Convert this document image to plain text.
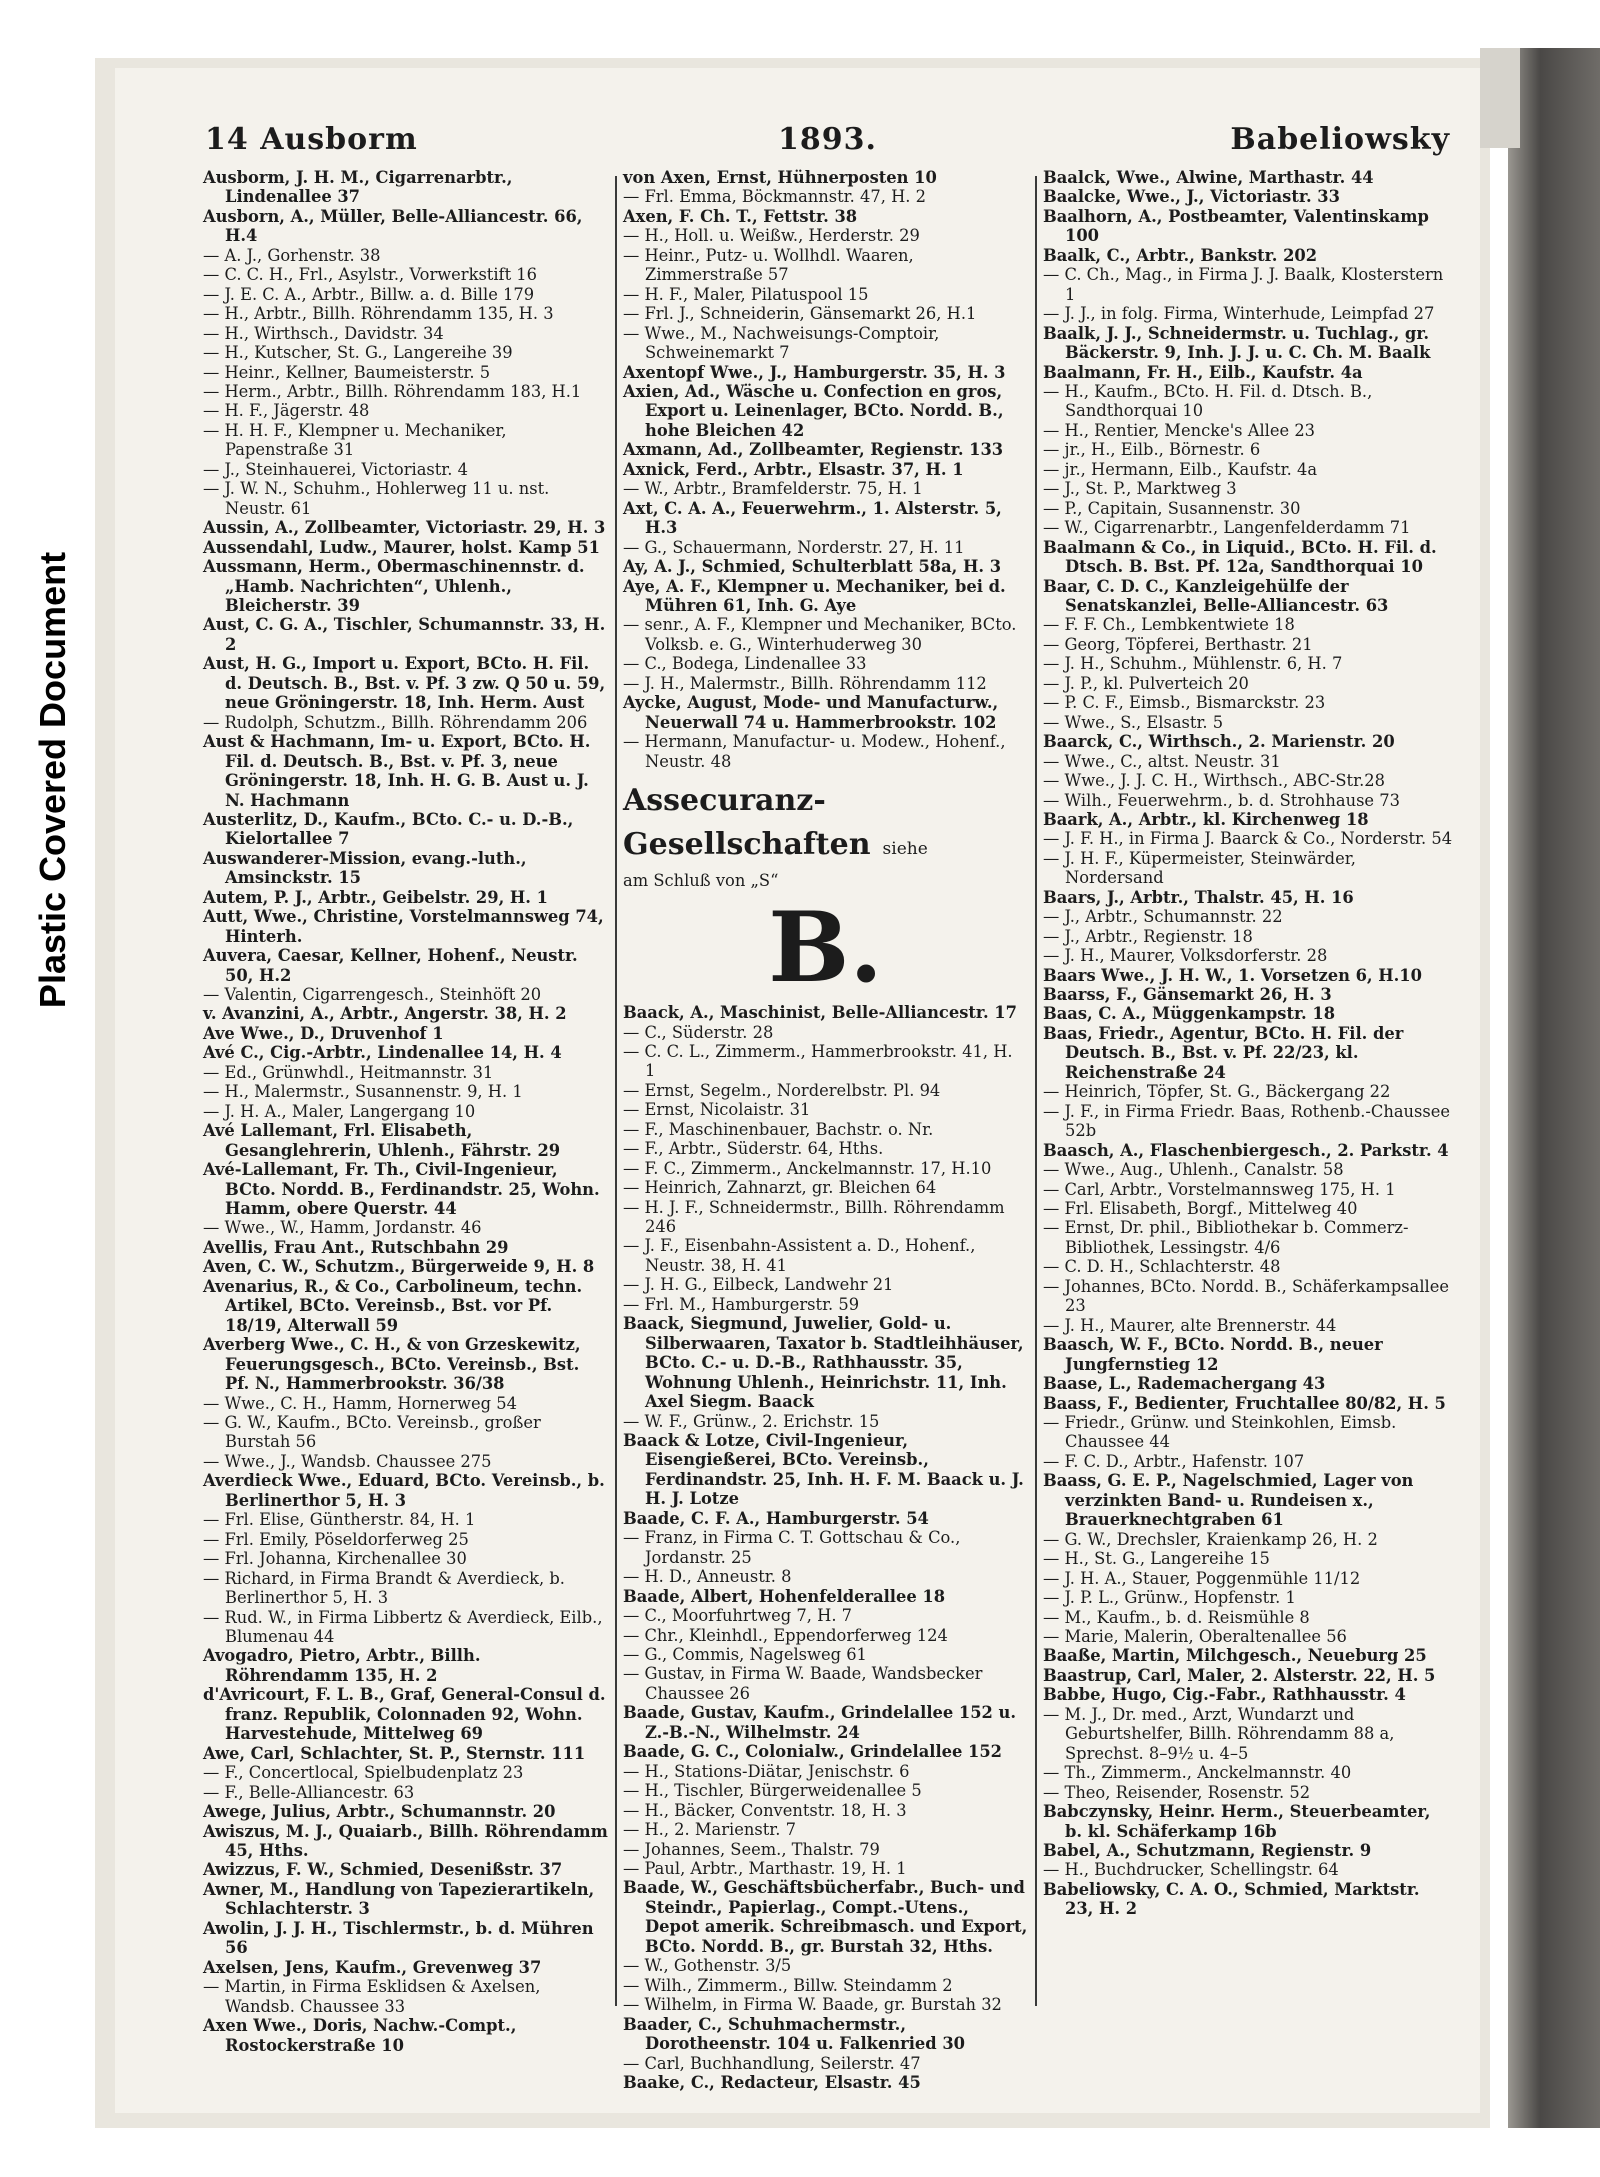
Plastic Covered Document
14 Ausborm	1893.	Babeliowsky
Ausborm, J. H. M., Cigarrenarbtr., Lindenallee 37
Ausborn, A., Müller, Belle-Alliancestr. 66, H.4
— A. J., Gorhenstr. 38
— C. C. H., Frl., Asylstr., Vorwerkstift 16
— J. E. C. A., Arbtr., Billw. a. d. Bille 179
— H., Arbtr., Billh. Röhrendamm 135, H. 3
— H., Wirthsch., Davidstr. 34
— H., Kutscher, St. G., Langereihe 39
— Heinr., Kellner, Baumeisterstr. 5
— Herm., Arbtr., Billh. Röhrendamm 183, H.1
— H. F., Jägerstr. 48
— H. H. F., Klempner u. Mechaniker, Papenstraße 31
— J., Steinhauerei, Victoriastr. 4
— J. W. N., Schuhm., Hohlerweg 11 u. nst. Neustr. 61
Aussin, A., Zollbeamter, Victoriastr. 29, H. 3
Aussendahl, Ludw., Maurer, holst. Kamp 51
Aussmann, Herm., Obermaschinennstr. d. „Hamb. Nachrichten“, Uhlenh., Bleicherstr. 39
Aust, C. G. A., Tischler, Schumannstr. 33, H. 2
Aust, H. G., Import u. Export, BCto. H. Fil. d. Deutsch. B., Bst. v. Pf. 3 zw. Q 50 u. 59, neue Gröningerstr. 18, Inh. Herm. Aust
— Rudolph, Schutzm., Billh. Röhrendamm 206
Aust & Hachmann, Im- u. Export, BCto. H. Fil. d. Deutsch. B., Bst. v. Pf. 3, neue Gröningerstr. 18, Inh. H. G. B. Aust u. J. N. Hachmann
Austerlitz, D., Kaufm., BCto. C.- u. D.-B., Kielortallee 7
Auswanderer-Mission, evang.-luth., Amsinckstr. 15
Autem, P. J., Arbtr., Geibelstr. 29, H. 1
Autt, Wwe., Christine, Vorstelmannsweg 74, Hinterh.
Auvera, Caesar, Kellner, Hohenf., Neustr. 50, H.2
— Valentin, Cigarrengesch., Steinhöft 20
v. Avanzini, A., Arbtr., Angerstr. 38, H. 2
Ave Wwe., D., Druvenhof 1
Avé C., Cig.-Arbtr., Lindenallee 14, H. 4
— Ed., Grünwhdl., Heitmannstr. 31
— H., Malermstr., Susannenstr. 9, H. 1
— J. H. A., Maler, Langergang 10
Avé Lallemant, Frl. Elisabeth, Gesanglehrerin, Uhlenh., Fährstr. 29
Avé-Lallemant, Fr. Th., Civil-Ingenieur, BCto. Nordd. B., Ferdinandstr. 25, Wohn. Hamm, obere Querstr. 44
— Wwe., W., Hamm, Jordanstr. 46
Avellis, Frau Ant., Rutschbahn 29
Aven, C. W., Schutzm., Bürgerweide 9, H. 8
Avenarius, R., & Co., Carbolineum, techn. Artikel, BCto. Vereinsb., Bst. vor Pf. 18/19, Alterwall 59
Averberg Wwe., C. H., & von Grzeskewitz, Feuerungsgesch., BCto. Vereinsb., Bst. Pf. N., Hammerbrookstr. 36/38
— Wwe., C. H., Hamm, Hornerweg 54
— G. W., Kaufm., BCto. Vereinsb., großer Burstah 56
— Wwe., J., Wandsb. Chaussee 275
Averdieck Wwe., Eduard, BCto. Vereinsb., b. Berlinerthor 5, H. 3
— Frl. Elise, Güntherstr. 84, H. 1
— Frl. Emily, Pöseldorferweg 25
— Frl. Johanna, Kirchenallee 30
— Richard, in Firma Brandt & Averdieck, b. Berlinerthor 5, H. 3
— Rud. W., in Firma Libbertz & Averdieck, Eilb., Blumenau 44
Avogadro, Pietro, Arbtr., Billh. Röhrendamm 135, H. 2
d'Avricourt, F. L. B., Graf, General-Consul d. franz. Republik, Colonnaden 92, Wohn. Harvestehude, Mittelweg 69
Awe, Carl, Schlachter, St. P., Sternstr. 111
— F., Concertlocal, Spielbudenplatz 23
— F., Belle-Alliancestr. 63
Awege, Julius, Arbtr., Schumannstr. 20
Awiszus, M. J., Quaiarb., Billh. Röhrendamm 45, Hths.
Awizzus, F. W., Schmied, Desenißstr. 37
Awner, M., Handlung von Tapezierartikeln, Schlachterstr. 3
Awolin, J. J. H., Tischlermstr., b. d. Mühren 56
Axelsen, Jens, Kaufm., Grevenweg 37
— Martin, in Firma Esklidsen & Axelsen, Wandsb. Chaussee 33
Axen Wwe., Doris, Nachw.-Compt., Rostockerstraße 10
von Axen, Ernst, Hühnerposten 10
— Frl. Emma, Böckmannstr. 47, H. 2
Axen, F. Ch. T., Fettstr. 38
— H., Holl. u. Weißw., Herderstr. 29
— Heinr., Putz- u. Wollhdl. Waaren, Zimmerstraße 57
— H. F., Maler, Pilatuspool 15
— Frl. J., Schneiderin, Gänsemarkt 26, H.1
— Wwe., M., Nachweisungs-Comptoir, Schweinemarkt 7
Axentopf Wwe., J., Hamburgerstr. 35, H. 3
Axien, Ad., Wäsche u. Confection en gros, Export u. Leinenlager, BCto. Nordd. B., hohe Bleichen 42
Axmann, Ad., Zollbeamter, Regienstr. 133
Axnick, Ferd., Arbtr., Elsastr. 37, H. 1
— W., Arbtr., Bramfelderstr. 75, H. 1
Axt, C. A. A., Feuerwehrm., 1. Alsterstr. 5, H.3
— G., Schauermann, Norderstr. 27, H. 11
Ay, A. J., Schmied, Schulterblatt 58a, H. 3
Aye, A. F., Klempner u. Mechaniker, bei d. Mühren 61, Inh. G. Aye
— senr., A. F., Klempner und Mechaniker, BCto. Volksb. e. G., Winterhuderweg 30
— C., Bodega, Lindenallee 33
— J. H., Malermstr., Billh. Röhrendamm 112
Aycke, August, Mode- und Manufacturw., Neuerwall 74 u. Hammerbrookstr. 102
— Hermann, Manufactur- u. Modew., Hohenf., Neustr. 48
Assecuranz-Gesellschaften siehe
am Schluß von „S“
B.
Baack, A., Maschinist, Belle-Alliancestr. 17
— C., Süderstr. 28
— C. C. L., Zimmerm., Hammerbrookstr. 41, H. 1
— Ernst, Segelm., Norderelbstr. Pl. 94
— Ernst, Nicolaistr. 31
— F., Maschinenbauer, Bachstr. o. Nr.
— F., Arbtr., Süderstr. 64, Hths.
— F. C., Zimmerm., Anckelmannstr. 17, H.10
— Heinrich, Zahnarzt, gr. Bleichen 64
— H. J. F., Schneidermstr., Billh. Röhrendamm 246
— J. F., Eisenbahn-Assistent a. D., Hohenf., Neustr. 38, H. 41
— J. H. G., Eilbeck, Landwehr 21
— Frl. M., Hamburgerstr. 59
Baack, Siegmund, Juwelier, Gold- u. Silberwaaren, Taxator b. Stadtleihhäuser, BCto. C.- u. D.-B., Rathhausstr. 35, Wohnung Uhlenh., Heinrichstr. 11, Inh. Axel Siegm. Baack
— W. F., Grünw., 2. Erichstr. 15
Baack & Lotze, Civil-Ingenieur, Eisengießerei, BCto. Vereinsb., Ferdinandstr. 25, Inh. H. F. M. Baack u. J. H. J. Lotze
Baade, C. F. A., Hamburgerstr. 54
— Franz, in Firma C. T. Gottschau & Co., Jordanstr. 25
— H. D., Anneustr. 8
Baade, Albert, Hohenfelderallee 18
— C., Moorfuhrtweg 7, H. 7
— Chr., Kleinhdl., Eppendorferweg 124
— G., Commis, Nagelsweg 61
— Gustav, in Firma W. Baade, Wandsbecker Chaussee 26
Baade, Gustav, Kaufm., Grindelallee 152 u. Z.-B.-N., Wilhelmstr. 24
Baade, G. C., Colonialw., Grindelallee 152
— H., Stations-Diätar, Jenischstr. 6
— H., Tischler, Bürgerweidenallee 5
— H., Bäcker, Conventstr. 18, H. 3
— H., 2. Marienstr. 7
— Johannes, Seem., Thalstr. 79
— Paul, Arbtr., Marthastr. 19, H. 1
Baade, W., Geschäftsbücherfabr., Buch- und Steindr., Papierlag., Compt.-Utens., Depot amerik. Schreibmasch. und Export, BCto. Nordd. B., gr. Burstah 32, Hths.
— W., Gothenstr. 3/5
— Wilh., Zimmerm., Billw. Steindamm 2
— Wilhelm, in Firma W. Baade, gr. Burstah 32
Baader, C., Schuhmachermstr., Dorotheenstr. 104 u. Falkenried 30
— Carl, Buchhandlung, Seilerstr. 47
Baake, C., Redacteur, Elsastr. 45
Baalck, Wwe., Alwine, Marthastr. 44
Baalcke, Wwe., J., Victoriastr. 33
Baalhorn, A., Postbeamter, Valentinskamp 100
Baalk, C., Arbtr., Bankstr. 202
— C. Ch., Mag., in Firma J. J. Baalk, Klosterstern 1
— J. J., in folg. Firma, Winterhude, Leimpfad 27
Baalk, J. J., Schneidermstr. u. Tuchlag., gr. Bäckerstr. 9, Inh. J. J. u. C. Ch. M. Baalk
Baalmann, Fr. H., Eilb., Kaufstr. 4a
— H., Kaufm., BCto. H. Fil. d. Dtsch. B., Sandthorquai 10
— H., Rentier, Mencke's Allee 23
— jr., H., Eilb., Börnestr. 6
— jr., Hermann, Eilb., Kaufstr. 4a
— J., St. P., Marktweg 3
— P., Capitain, Susannenstr. 30
— W., Cigarrenarbtr., Langenfelderdamm 71
Baalmann & Co., in Liquid., BCto. H. Fil. d. Dtsch. B. Bst. Pf. 12a, Sandthorquai 10
Baar, C. D. C., Kanzleigehülfe der Senatskanzlei, Belle-Alliancestr. 63
— F. F. Ch., Lembkentwiete 18
— Georg, Töpferei, Berthastr. 21
— J. H., Schuhm., Mühlenstr. 6, H. 7
— J. P., kl. Pulverteich 20
— P. C. F., Eimsb., Bismarckstr. 23
— Wwe., S., Elsastr. 5
Baarck, C., Wirthsch., 2. Marienstr. 20
— Wwe., C., altst. Neustr. 31
— Wwe., J. J. C. H., Wirthsch., ABC-Str.28
— Wilh., Feuerwehrm., b. d. Strohhause 73
Baark, A., Arbtr., kl. Kirchenweg 18
— J. F. H., in Firma J. Baarck & Co., Norderstr. 54
— J. H. F., Küpermeister, Steinwärder, Nordersand
Baars, J., Arbtr., Thalstr. 45, H. 16
— J., Arbtr., Schumannstr. 22
— J., Arbtr., Regienstr. 18
— J. H., Maurer, Volksdorferstr. 28
Baars Wwe., J. H. W., 1. Vorsetzen 6, H.10
Baarss, F., Gänsemarkt 26, H. 3
Baas, C. A., Müggenkampstr. 18
Baas, Friedr., Agentur, BCto. H. Fil. der Deutsch. B., Bst. v. Pf. 22/23, kl. Reichenstraße 24
— Heinrich, Töpfer, St. G., Bäckergang 22
— J. F., in Firma Friedr. Baas, Rothenb.-Chaussee 52b
Baasch, A., Flaschenbiergesch., 2. Parkstr. 4
— Wwe., Aug., Uhlenh., Canalstr. 58
— Carl, Arbtr., Vorstelmannsweg 175, H. 1
— Frl. Elisabeth, Borgf., Mittelweg 40
— Ernst, Dr. phil., Bibliothekar b. Commerz-Bibliothek, Lessingstr. 4/6
— C. D. H., Schlachterstr. 48
— Johannes, BCto. Nordd. B., Schäferkampsallee 23
— J. H., Maurer, alte Brennerstr. 44
Baasch, W. F., BCto. Nordd. B., neuer Jungfernstieg 12
Baase, L., Rademachergang 43
Baass, F., Bedienter, Fruchtallee 80/82, H. 5
— Friedr., Grünw. und Steinkohlen, Eimsb. Chaussee 44
— F. C. D., Arbtr., Hafenstr. 107
Baass, G. E. P., Nagelschmied, Lager von verzinkten Band- u. Rundeisen x., Brauerknechtgraben 61
— G. W., Drechsler, Kraienkamp 26, H. 2
— H., St. G., Langereihe 15
— J. H. A., Stauer, Poggenmühle 11/12
— J. P. L., Grünw., Hopfenstr. 1
— M., Kaufm., b. d. Reismühle 8
— Marie, Malerin, Oberaltenallee 56
Baaße, Martin, Milchgesch., Neueburg 25
Baastrup, Carl, Maler, 2. Alsterstr. 22, H. 5
Babbe, Hugo, Cig.-Fabr., Rathhausstr. 4
— M. J., Dr. med., Arzt, Wundarzt und Geburtshelfer, Billh. Röhrendamm 88 a, Sprechst. 8–9½ u. 4–5
— Th., Zimmerm., Anckelmannstr. 40
— Theo, Reisender, Rosenstr. 52
Babczynsky, Heinr. Herm., Steuerbeamter, b. kl. Schäferkamp 16b
Babel, A., Schutzmann, Regienstr. 9
— H., Buchdrucker, Schellingstr. 64
Babeliowsky, C. A. O., Schmied, Marktstr. 23, H. 2
